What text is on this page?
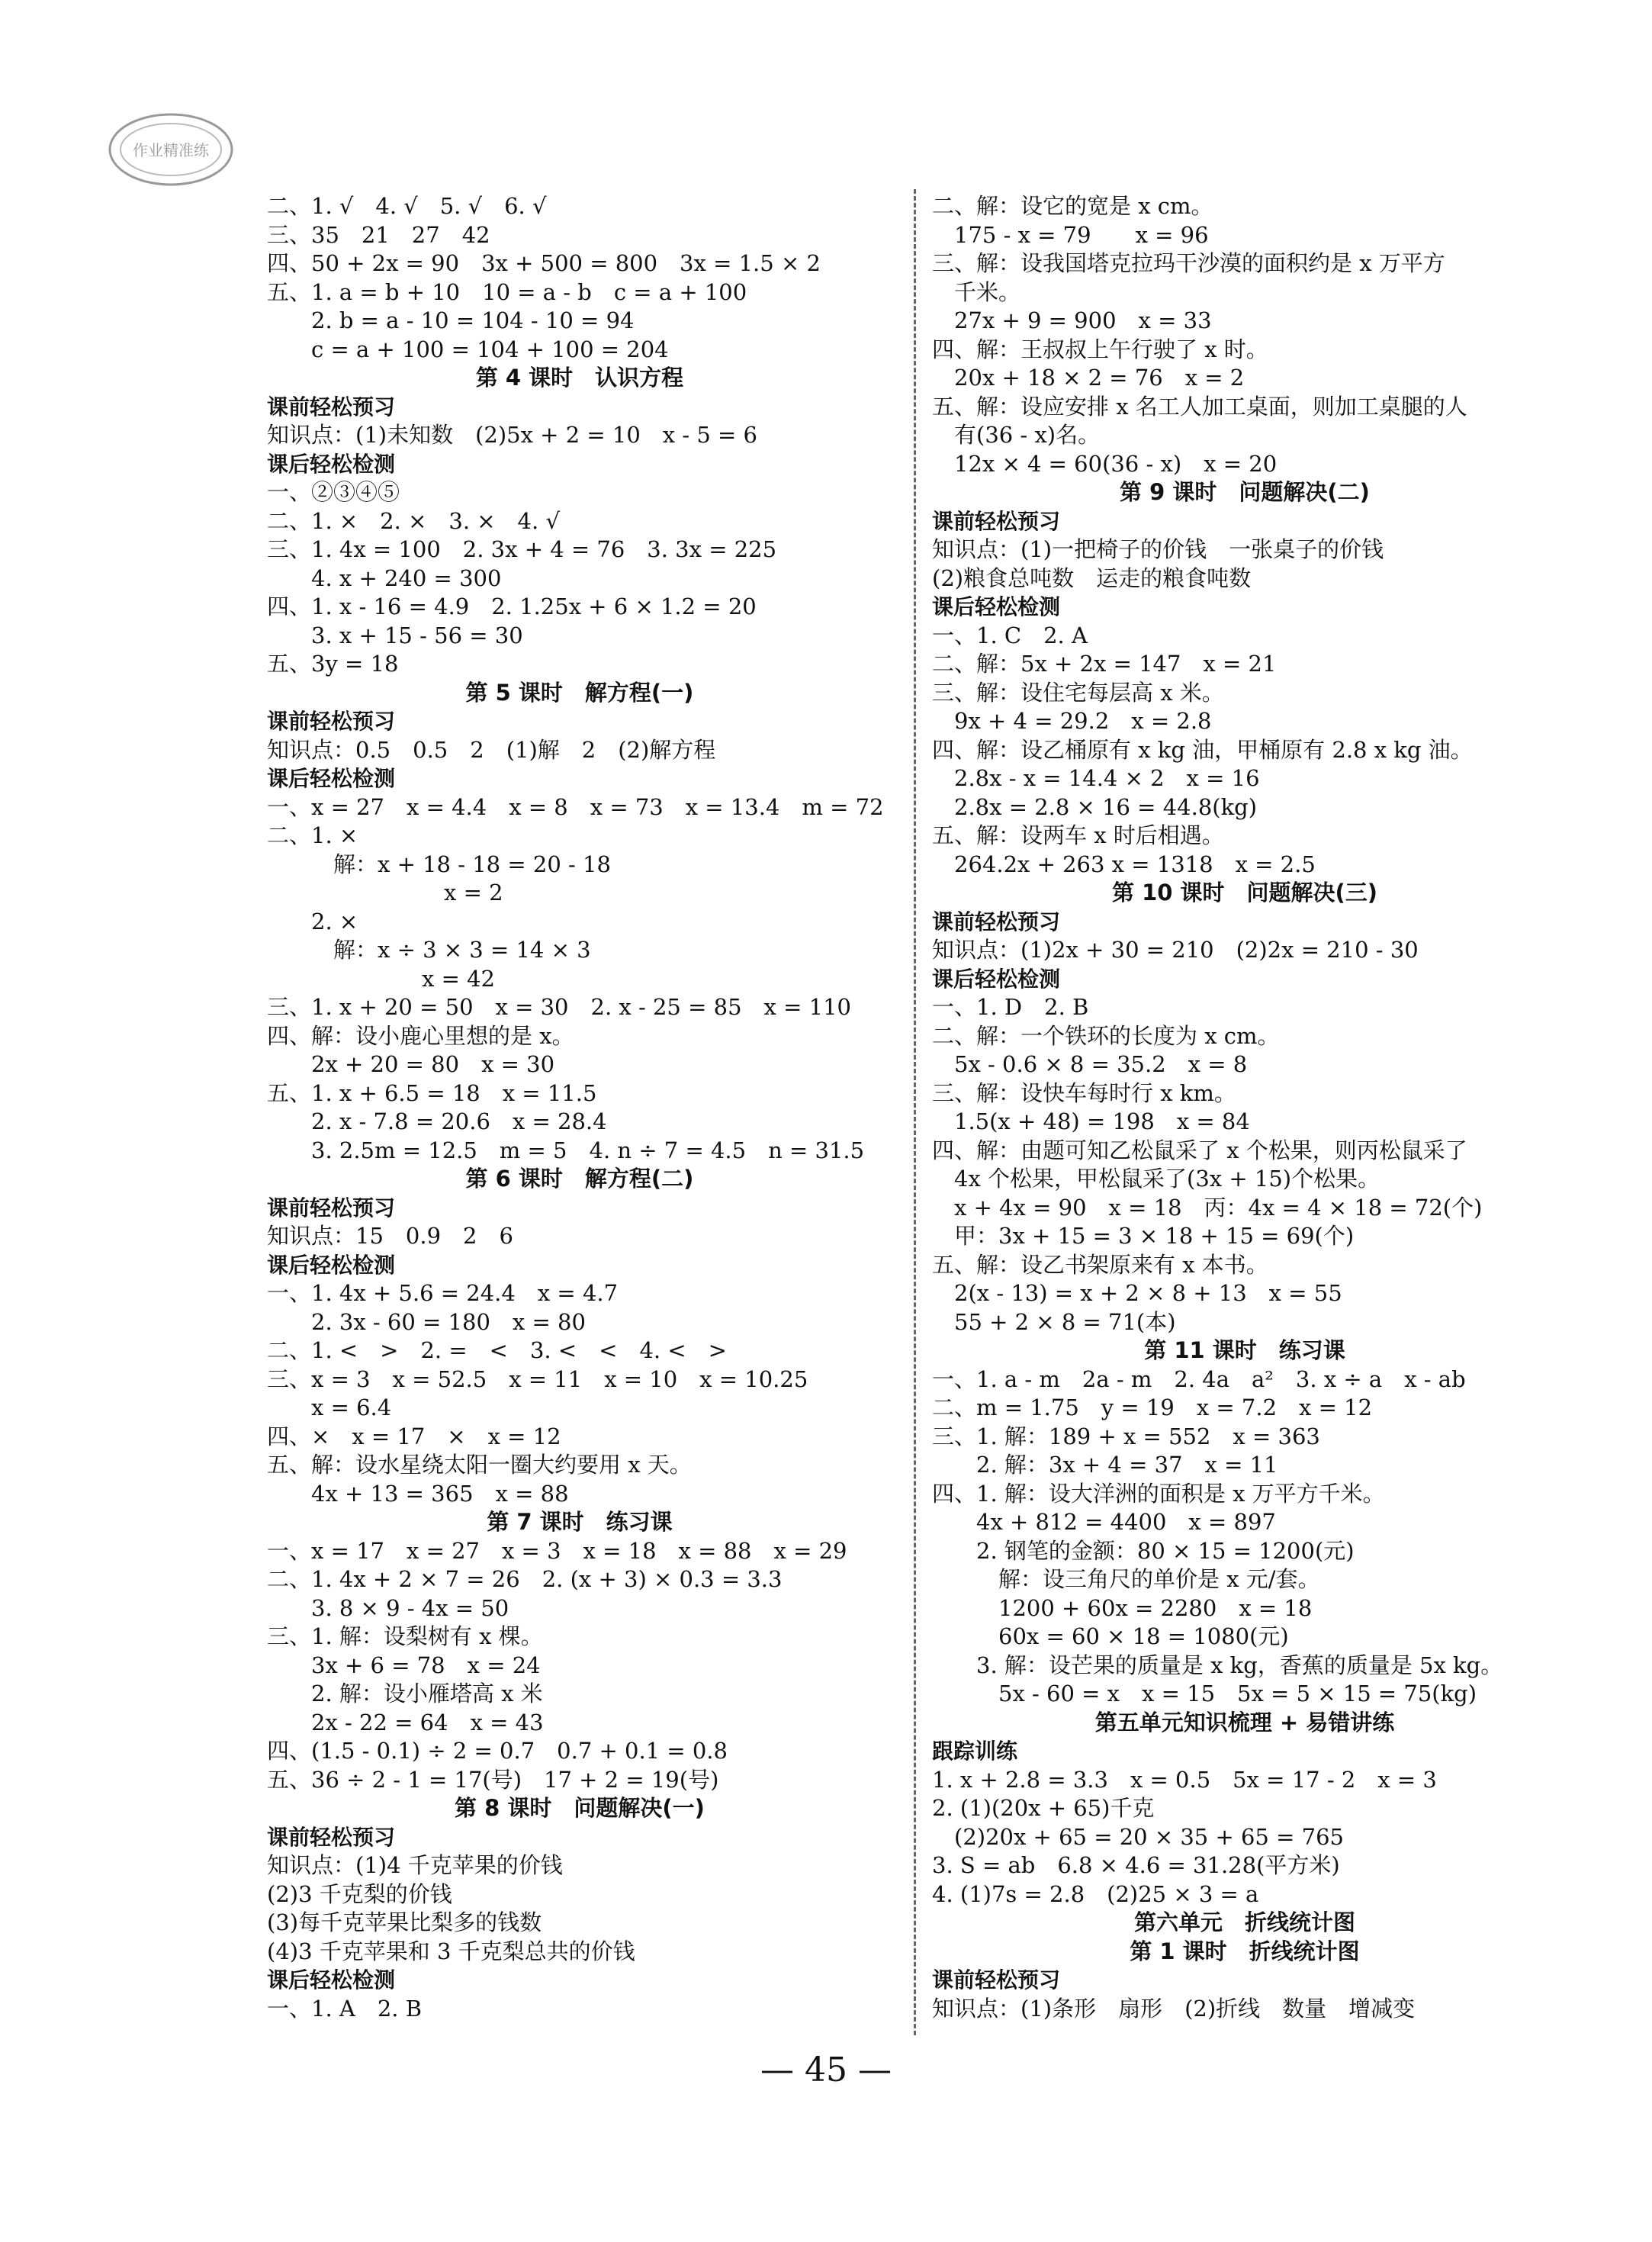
作业精准练
二、1. √　4. √　5. √　6. √
三、35　21　27　42
四、50 + 2x = 90　3x + 500 = 800　3x = 1.5 × 2
五、1. a = b + 10　10 = a - b　c = a + 100
　　2. b = a - 10 = 104 - 10 = 94
　　c = a + 100 = 104 + 100 = 204
第 4 课时　认识方程
课前轻松预习
知识点：(1)未知数　(2)5x + 2 = 10　x - 5 = 6
课后轻松检测
一、②③④⑤
二、1. ×　2. ×　3. ×　4. √
三、1. 4x = 100　2. 3x + 4 = 76　3. 3x = 225
　　4. x + 240 = 300
四、1. x - 16 = 4.9　2. 1.25x + 6 × 1.2 = 20
　　3. x + 15 - 56 = 30
五、3y = 18
第 5 课时　解方程(一)
课前轻松预习
知识点：0.5　0.5　2　(1)解　2　(2)解方程
课后轻松检测
一、x = 27　x = 4.4　x = 8　x = 73　x = 13.4　m = 72
二、1. ×
　　　解：x + 18 - 18 = 20 - 18
　　　　　　　　x = 2
　　2. ×
　　　解：x ÷ 3 × 3 = 14 × 3
　　　　　　　x = 42
三、1. x + 20 = 50　x = 30　2. x - 25 = 85　x = 110
四、解：设小鹿心里想的是 x。
　　2x + 20 = 80　x = 30
五、1. x + 6.5 = 18　x = 11.5
　　2. x - 7.8 = 20.6　x = 28.4
　　3. 2.5m = 12.5　m = 5　4. n ÷ 7 = 4.5　n = 31.5
第 6 课时　解方程(二)
课前轻松预习
知识点：15　0.9　2　6
课后轻松检测
一、1. 4x + 5.6 = 24.4　x = 4.7
　　2. 3x - 60 = 180　x = 80
二、1. <　>　2. =　<　3. <　<　4. <　>
三、x = 3　x = 52.5　x = 11　x = 10　x = 10.25
　　x = 6.4
四、×　x = 17　×　x = 12
五、解：设水星绕太阳一圈大约要用 x 天。
　　4x + 13 = 365　x = 88
第 7 课时　练习课
一、x = 17　x = 27　x = 3　x = 18　x = 88　x = 29
二、1. 4x + 2 × 7 = 26　2. (x + 3) × 0.3 = 3.3
　　3. 8 × 9 - 4x = 50
三、1. 解：设梨树有 x 棵。
　　3x + 6 = 78　x = 24
　　2. 解：设小雁塔高 x 米
　　2x - 22 = 64　x = 43
四、(1.5 - 0.1) ÷ 2 = 0.7　0.7 + 0.1 = 0.8
五、36 ÷ 2 - 1 = 17(号)　17 + 2 = 19(号)
第 8 课时　问题解决(一)
课前轻松预习
知识点：(1)4 千克苹果的价钱
(2)3 千克梨的价钱
(3)每千克苹果比梨多的钱数
(4)3 千克苹果和 3 千克梨总共的价钱
课后轻松检测
一、1. A　2. B
二、解：设它的宽是 x cm。
　175 - x = 79　　x = 96
三、解：设我国塔克拉玛干沙漠的面积约是 x 万平方
　千米。
　27x + 9 = 900　x = 33
四、解：王叔叔上午行驶了 x 时。
　20x + 18 × 2 = 76　x = 2
五、解：设应安排 x 名工人加工桌面，则加工桌腿的人
　有(36 - x)名。
　12x × 4 = 60(36 - x)　x = 20
第 9 课时　问题解决(二)
课前轻松预习
知识点：(1)一把椅子的价钱　一张桌子的价钱
(2)粮食总吨数　运走的粮食吨数
课后轻松检测
一、1. C　2. A
二、解：5x + 2x = 147　x = 21
三、解：设住宅每层高 x 米。
　9x + 4 = 29.2　x = 2.8
四、解：设乙桶原有 x kg 油，甲桶原有 2.8 x kg 油。
　2.8x - x = 14.4 × 2　x = 16
　2.8x = 2.8 × 16 = 44.8(kg)
五、解：设两车 x 时后相遇。
　264.2x + 263 x = 1318　x = 2.5
第 10 课时　问题解决(三)
课前轻松预习
知识点：(1)2x + 30 = 210　(2)2x = 210 - 30
课后轻松检测
一、1. D　2. B
二、解：一个铁环的长度为 x cm。
　5x - 0.6 × 8 = 35.2　x = 8
三、解：设快车每时行 x km。
　1.5(x + 48) = 198　x = 84
四、解：由题可知乙松鼠采了 x 个松果，则丙松鼠采了
　4x 个松果，甲松鼠采了(3x + 15)个松果。
　x + 4x = 90　x = 18　丙：4x = 4 × 18 = 72(个)
　甲：3x + 15 = 3 × 18 + 15 = 69(个)
五、解：设乙书架原来有 x 本书。
　2(x - 13) = x + 2 × 8 + 13　x = 55
　55 + 2 × 8 = 71(本)
第 11 课时　练习课
一、1. a - m　2a - m　2. 4a　a²　3. x ÷ a　x - ab
二、m = 1.75　y = 19　x = 7.2　x = 12
三、1. 解：189 + x = 552　x = 363
　　2. 解：3x + 4 = 37　x = 11
四、1. 解：设大洋洲的面积是 x 万平方千米。
　　4x + 812 = 4400　x = 897
　　2. 钢笔的金额：80 × 15 = 1200(元)
　　　解：设三角尺的单价是 x 元/套。
　　　1200 + 60x = 2280　x = 18
　　　60x = 60 × 18 = 1080(元)
　　3. 解：设芒果的质量是 x kg，香蕉的质量是 5x kg。
　　　5x - 60 = x　x = 15　5x = 5 × 15 = 75(kg)
第五单元知识梳理 + 易错讲练
跟踪训练
1. x + 2.8 = 3.3　x = 0.5　5x = 17 - 2　x = 3
2. (1)(20x + 65)千克
　(2)20x + 65 = 20 × 35 + 65 = 765
3. S = ab　6.8 × 4.6 = 31.28(平方米)
4. (1)7s = 2.8　(2)25 × 3 = a
第六单元　折线统计图
第 1 课时　折线统计图
课前轻松预习
知识点：(1)条形　扇形　(2)折线　数量　增减变
— 45 —
